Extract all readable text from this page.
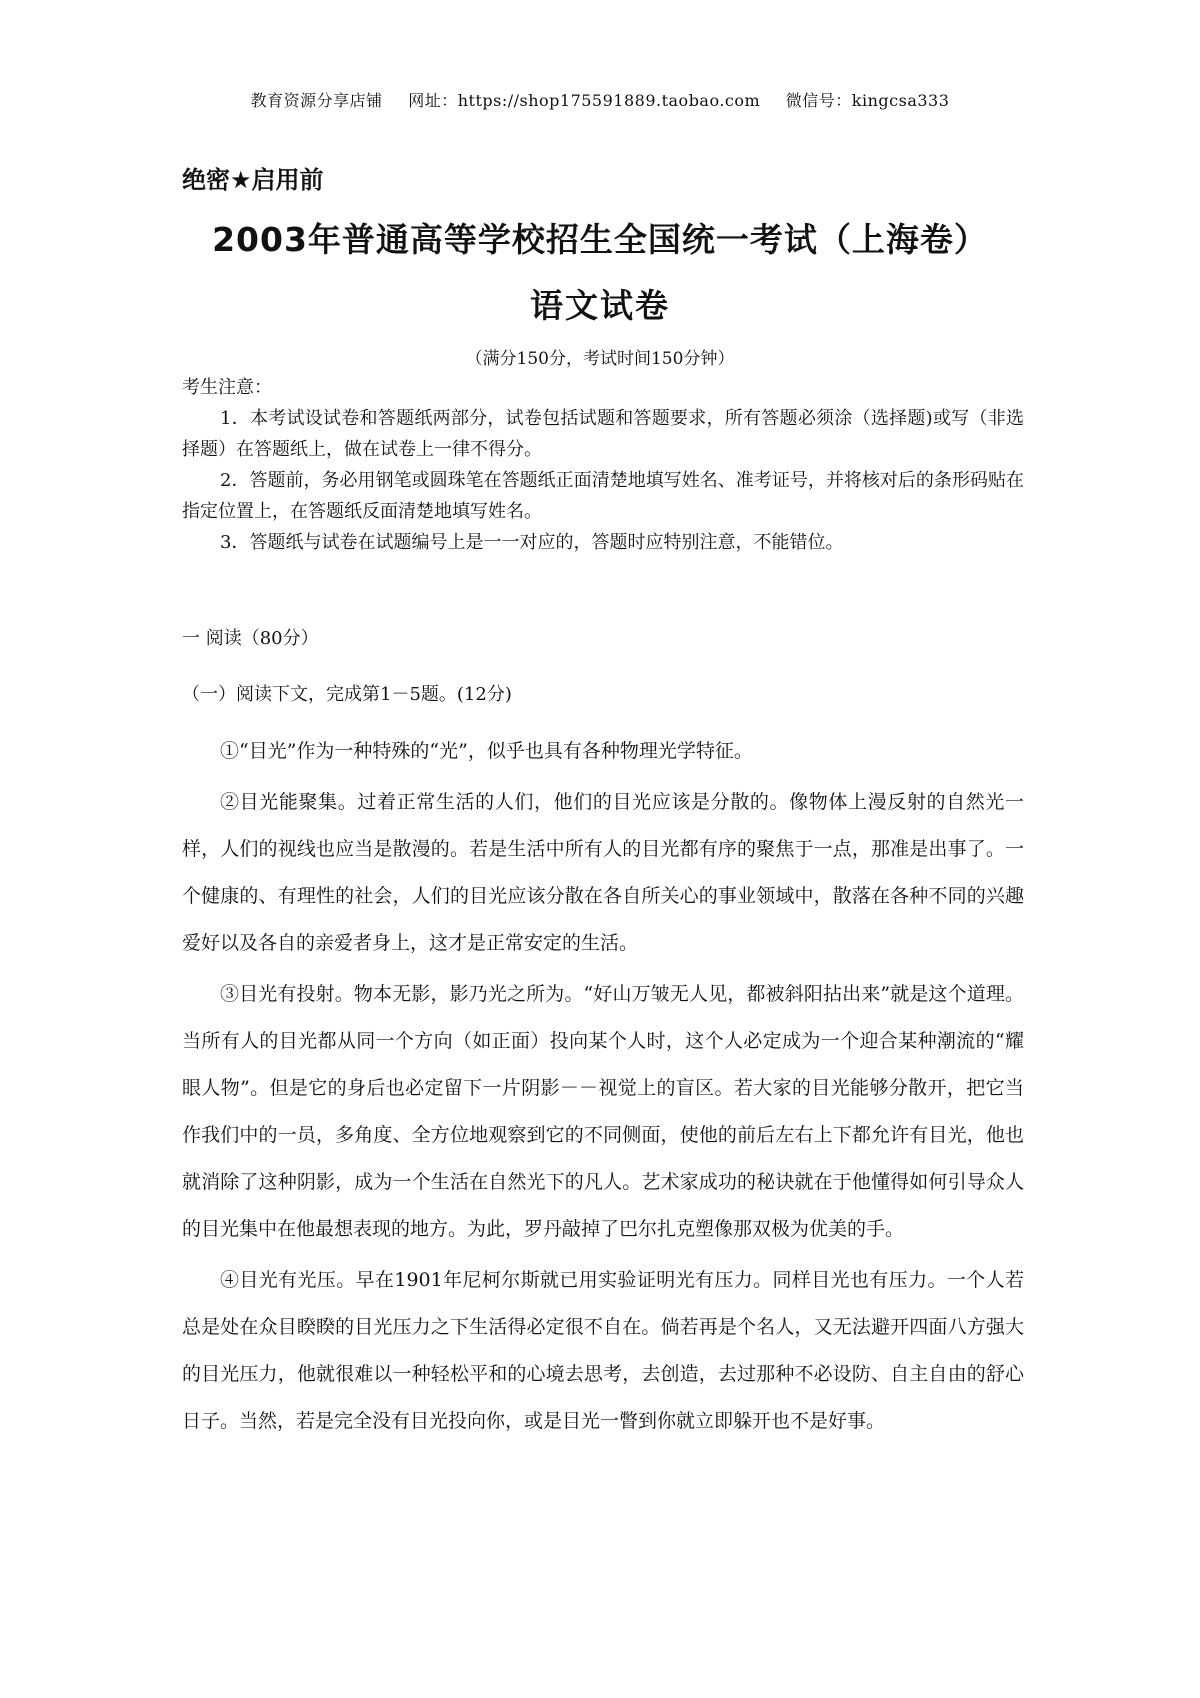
教育资源分享店铺 网址：https://shop175591889.taobao.com 微信号：kingcsa333
绝密★启用前
2003年普通高等学校招生全国统一考试（上海卷）
语文试卷
（满分150分，考试时间150分钟）

考生注意：

1．本考试设试卷和答题纸两部分，试卷包括试题和答题要求，所有答题必须涂（选择题)或写（非选择题）在答题纸上，做在试卷上一律不得分。

2．答题前，务必用钢笔或圆珠笔在答题纸正面清楚地填写姓名、准考证号，并将核对后的条形码贴在指定位置上，在答题纸反面清楚地填写姓名。

3．答题纸与试卷在试题编号上是一一对应的，答题时应特别注意，不能错位。

一 阅读（80分）
（一）阅读下文，完成第1－5题。(12分)

①“目光”作为一种特殊的“光”，似乎也具有各种物理光学特征。

②目光能聚集。过着正常生活的人们，他们的目光应该是分散的。像物体上漫反射的自然光一样，人们的视线也应当是散漫的。若是生活中所有人的目光都有序的聚焦于一点，那准是出事了。一个健康的、有理性的社会，人们的目光应该分散在各自所关心的事业领域中，散落在各种不同的兴趣爱好以及各自的亲爱者身上，这才是正常安定的生活。

③目光有投射。物本无影，影乃光之所为。“好山万皱无人见，都被斜阳拈出来”就是这个道理。当所有人的目光都从同一个方向（如正面）投向某个人时，这个人必定成为一个迎合某种潮流的“耀眼人物”。但是它的身后也必定留下一片阴影－－视觉上的盲区。若大家的目光能够分散开，把它当作我们中的一员，多角度、全方位地观察到它的不同侧面，使他的前后左右上下都允许有目光，他也就消除了这种阴影，成为一个生活在自然光下的凡人。艺术家成功的秘诀就在于他懂得如何引导众人的目光集中在他最想表现的地方。为此，罗丹敲掉了巴尔扎克塑像那双极为优美的手。

④目光有光压。早在1901年尼柯尔斯就已用实验证明光有压力。同样目光也有压力。一个人若总是处在众目睽睽的目光压力之下生活得必定很不自在。倘若再是个名人，又无法避开四面八方强大的目光压力，他就很难以一种轻松平和的心境去思考，去创造，去过那种不必设防、自主自由的舒心日子。当然，若是完全没有目光投向你，或是目光一瞥到你就立即躲开也不是好事。
